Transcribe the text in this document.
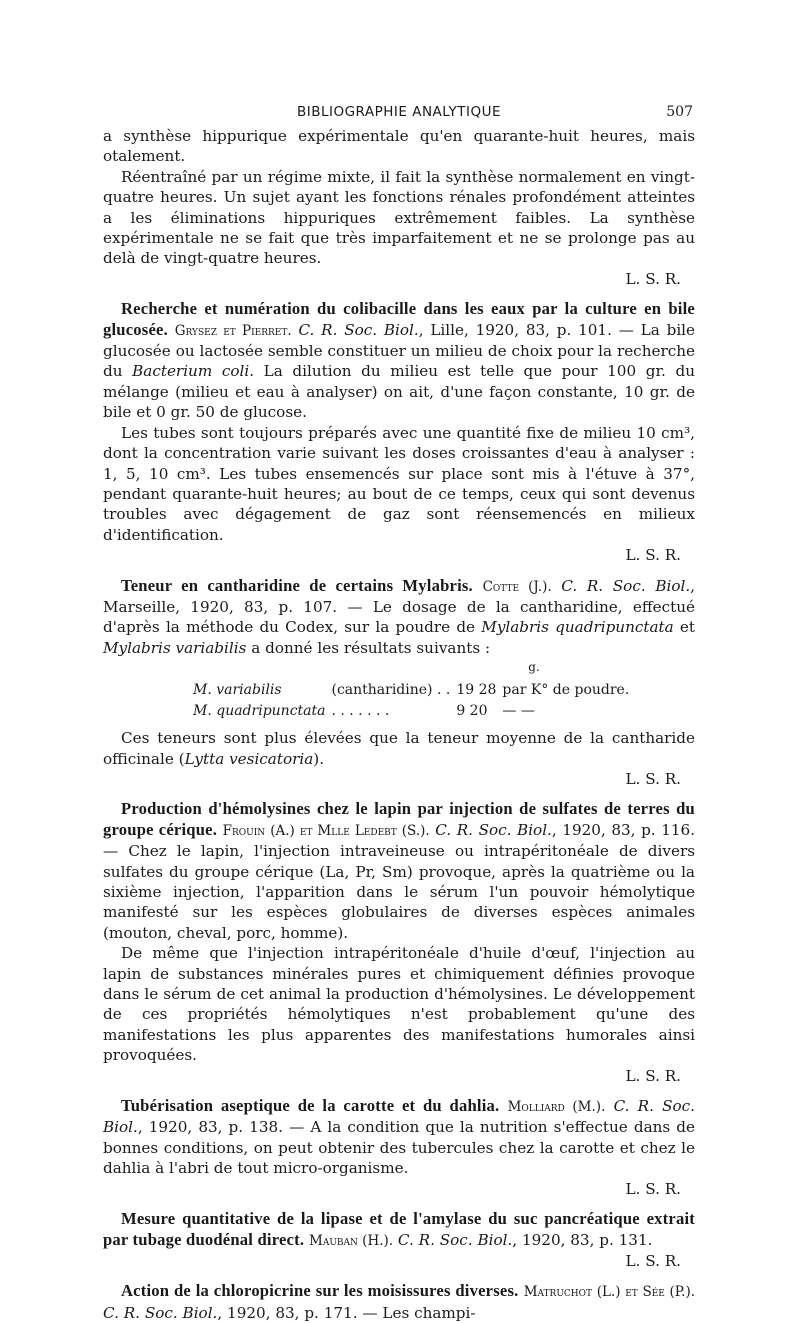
BIBLIOGRAPHIE ANALYTIQUE	507

a synthèse hippurique expérimentale qu'en quarante-huit heures, mais otalement.

Réentraîné par un régime mixte, il fait la synthèse normalement en vingt-quatre heures. Un sujet ayant les fonctions rénales profondément atteintes a les éliminations hippuriques extrêmement faibles. La synthèse expérimentale ne se fait que très imparfaitement et ne se prolonge pas au delà de vingt-quatre heures.

L. S. R.

Recherche et numération du colibacille dans les eaux par la culture en bile glucosée. Grysez et Pierret. C. R. Soc. Biol., Lille, 1920, 83, p. 101. — La bile glucosée ou lactosée semble constituer un milieu de choix pour la recherche du Bacterium coli. La dilution du milieu est telle que pour 100 gr. du mélange (milieu et eau à analyser) on ait, d'une façon constante, 10 gr. de bile et 0 gr. 50 de glucose.

Les tubes sont toujours préparés avec une quantité fixe de milieu 10 cm³, dont la concentration varie suivant les doses croissantes d'eau à analyser : 1, 5, 10 cm³. Les tubes ensemencés sur place sont mis à l'étuve à 37°, pendant quarante-huit heures; au bout de ce temps, ceux qui sont devenus troubles avec dégagement de gaz sont réensemencés en milieux d'identification.

L. S. R.

Teneur en cantharidine de certains Mylabris. Cotte (J.). C. R. Soc. Biol., Marseille, 1920, 83, p. 107. — Le dosage de la cantharidine, effectué d'après la méthode du Codex, sur la poudre de Mylabris quadripunctata et Mylabris variabilis a donné les résultats suivants :

g.
M. variabilis	(cantharidine) . .	19 28	par K° de poudre.
M. quadripunctata	. . . . . . .	9 20	— —

Ces teneurs sont plus élevées que la teneur moyenne de la cantharide officinale (Lytta vesicatoria).

L. S. R.

Production d'hémolysines chez le lapin par injection de sulfates de terres du groupe cérique. Frouin (A.) et Mlle Ledebt (S.). C. R. Soc. Biol., 1920, 83, p. 116. — Chez le lapin, l'injection intraveineuse ou intrapéritonéale de divers sulfates du groupe cérique (La, Pr, Sm) provoque, après la quatrième ou la sixième injection, l'apparition dans le sérum l'un pouvoir hémolytique manifesté sur les espèces globulaires de diverses espèces animales (mouton, cheval, porc, homme).

De même que l'injection intrapéritonéale d'huile d'œuf, l'injection au lapin de substances minérales pures et chimiquement définies provoque dans le sérum de cet animal la production d'hémolysines. Le développement de ces propriétés hémolytiques n'est probablement qu'une des manifestations les plus apparentes des manifestations humorales ainsi provoquées.

L. S. R.

Tubérisation aseptique de la carotte et du dahlia. Molliard (M.). C. R. Soc. Biol., 1920, 83, p. 138. — A la condition que la nutrition s'effectue dans de bonnes conditions, on peut obtenir des tubercules chez la carotte et chez le dahlia à l'abri de tout micro-organisme.

L. S. R.

Mesure quantitative de la lipase et de l'amylase du suc pancréatique extrait par tubage duodénal direct. Mauban (H.). C. R. Soc. Biol., 1920, 83, p. 131.

L. S. R.

Action de la chloropicrine sur les moisissures diverses. Matruchot (L.) et Sée (P.). C. R. Soc. Biol., 1920, 83, p. 171. — Les champi-
